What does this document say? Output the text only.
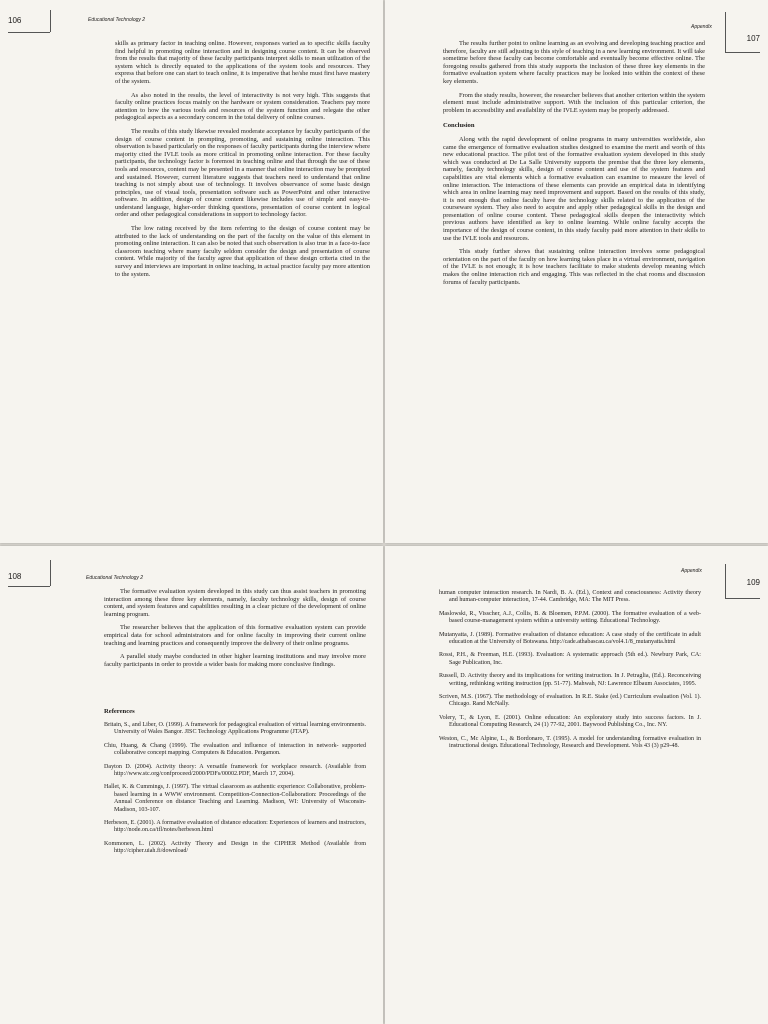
106	Educational Technology 2

skills as primary factor in teaching online. However, responses varied as to specific skills faculty find helpful in promoting online interaction and in designing course content. It can be observed from the results that majority of these faculty participants interpret skills to mean utilization of the system which is directly equated to the applications of the system tools and resources. They express that before one can start to teach online, it is imperative that he/she must first have mastery of the system.

As also noted in the results, the level of interactivity is not very high. This suggests that faculty online practices focus mainly on the hardware or system consideration. Teachers pay more attention to how the various tools and resources of the system function and relegate the other pedagogical aspects as a secondary concern in the total delivery of online courses.

The results of this study likewise revealed moderate acceptance by faculty participants of the design of course content in prompting, promoting, and sustaining online interaction. This observation is based particularly on the responses of faculty participants during the interview where majority cited the IVLE tools as more critical in promoting online interaction. For these faculty participants, the technology factor is foremost in teaching online and that through the use of these tools and resources, content may be presented in a manner that online interaction may be prompted and sustained. However, current literature suggests that teachers need to understand that online teaching is not simply about use of technology. It involves observance of some basic design principles, use of visual tools, presentation software such as PowerPoint and other interactive software. In addition, design of course content likewise includes use of simple and easy-to-understand language, higher-order thinking questions, presentation of course content in logical order and other pedagogical considerations in support to technology factor.

The low rating received by the item referring to the design of course content may be attributed to the lack of understanding on the part of the faculty on the value of this element in promoting online interaction. It can also be noted that such observation is also true in a face-to-face classroom teaching where many faculty seldom consider the design and presentation of course content. While majority of the faculty agree that application of these design criteria cited in the survey and interviews are important in online teaching, in actual practice faculty pay more attention to the system.

107
Appendix

The results further point to online learning as an evolving and developing teaching practice and therefore, faculty are still adjusting to this style of teaching in a new learning environment. It will take sometime before these faculty can become comfortable and eventually become effective online. The foregoing results gathered from this study supports the inclusion of these three key elements in the formative evaluation system where faculty practices may be looked into within the context of these key elements.

From the study results, however, the researcher believes that another criterion within the system element must include administrative support. With the inclusion of this particular criterion, the problem in accessibility and availability of the IVLE system may be properly addressed.

Conclusion

Along with the rapid development of online programs in many universities worldwide, also came the emergence of formative evaluation studies designed to examine the merit and worth of this new educational practice. The pilot test of the formative evaluation system developed in this study which was conducted at De La Salle University supports the premise that the three key elements, namely, faculty technology skills, design of course content and use of the system features and capabilities are vital elements which a formative evaluation can examine to measure the level of online interaction. The interactions of these elements can provide an empirical data in identifying which area in online learning may need improvement and support. Based on the results of this study, it is not enough that online faculty have the technology skills related to the application of the courseware system. They also need to acquire and apply other pedagogical skills in the design and presentation of online course content. These pedagogical skills deepen the interactivity which previous authors have identified as key to online learning. While online faculty accepts the importance of the design of course content, in this study faculty paid more attention in their skills to use the IVLE tools and resources.

This study further shows that sustaining online interaction involves some pedagogical orientation on the part of the faculty on how learning takes place in a virtual environment, navigation of the IVLE is not enough; it is how teachers facilitate to make students develop meaning which makes the online interaction rich and engaging. This was reflected in the chat rooms and discussion forums of faculty participants.

108	Educational Technology 2

The formative evaluation system developed in this study can thus assist teachers in promoting interaction among these three key elements, namely, faculty technology skills, design of course content, and system features and capabilities resulting in a clear picture of the development of online learning program.

The researcher believes that the application of this formative evaluation system can provide empirical data for school administrators and for online faculty in improving their current online teaching and learning practices and consequently improve the delivery of their online programs.

A parallel study maybe conducted in other higher learning institutions and may involve more faculty participants in order to provide a wider basis for making more conclusive findings.

References
Britain, S., and Liber, O. (1999). A framework for pedagogical evaluation of virtual learning environments. University of Wales Bangor. JISC Technology Applications Programme (JTAP).
Chiu, Huang, & Chang (1999). The evaluation and influence of interaction in network- supported collaborative concept mapping. Computers & Education. Pergamon.
Dayton D. (2004). Activity theory: A versatile framework for workplace research. (Available from http://www.stc.org/confproceed/2000/PDFs/00002.PDF, March 17, 2004).
Hallet, K. & Cummings, J. (1997). The virtual classroom as authentic experience: Collaborative, problem-based learning in a WWW environment. Competition-Connection-Collaboration: Proceedings of the Annual Conference on distance Teaching and Learning. Madison, WI: University of Wisconsin-Madison, 103-107.
Herbeson, E. (2001). A formative evaluation of distance education: Experiences of learners and instructors, http://node.on.ca/tfl/notes/herbeson.html
Kommonen, L. (2002). Activity Theory and Design in the CIPHER Method (Available from http://cipher.uiah.fi/download/
109
Appendix
human computer interaction research. In Nardi, B. A. (Ed.), Context and consciousness: Activity theory and human-computer interaction, 17-44. Cambridge, MA: The MIT Press.
Maslowski, R., Visscher, A.J., Collis, B. & Bloemen, P.P.M. (2000). The formative evaluation of a web-based course-management system within a university setting. Educational Technology.
Mutanyatta, J. (1989). Formative evaluation of distance education: A case study of the certificate in adult education at the University of Botswana. http://cade.athabascau.ca/vol4.1/8_mutanyatta.html
Rossi, P.H., & Freeman, H.E. (1993). Evaluation: A systematic approach (5th ed.). Newbury Park, CA: Sage Publication, Inc.
Russell, D. Activity theory and its implications for writing instruction. In J. Petraglia, (Ed.). Reconceiving writing, rethinking writing instruction (pp. 51-77). Mahwah, NJ: Lawrence Elbaum Associates, 1995.
Scriven, M.S. (1967). The methodology of evaluation. In R.E. Stake (ed.) Curriculum evaluation (Vol. 1). Chicago. Rand McNally.
Volery, T., & Lyon, E. (2001). Online education: An exploratory study into success factors. In J. Educational Computing Research, 24 (1) 77-92, 2001. Baywood Publishing Co., Inc. NY.
Weston, C., Mc Alpine, L., & Bordonaro, T. (1995). A model for understanding formative evaluation in instructional design. Educational Technology, Research and Development. Vols 43 (3) p29-48.
